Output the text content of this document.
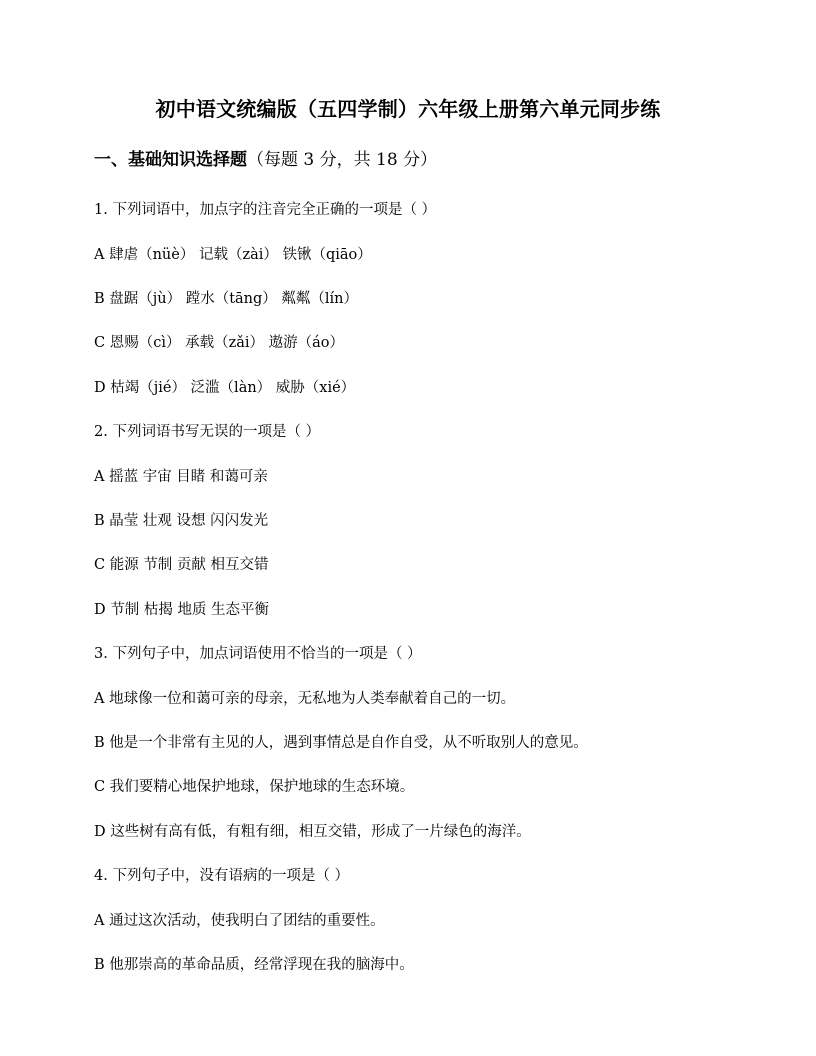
初中语文统编版（五四学制）六年级上册第六单元同步练
一、基础知识选择题（每题 3 分，共 18 分）
1. 下列词语中，加点字的注音完全正确的一项是（ ）
A 肆虐（nüè） 记载（zài） 铁锹（qiāo）
B 盘踞（jù） 蹚水（tāng） 粼粼（lín）
C 恩赐（cì） 承载（zǎi） 遨游（áo）
D 枯竭（jié） 泛滥（làn） 威胁（xié）
2. 下列词语书写无误的一项是（ ）
A 摇蓝 宇宙 目睹 和蔼可亲
B 晶莹 壮观 设想 闪闪发光
C 能源 节制 贡献 相互交错
D 节制 枯揭 地质 生态平衡
3. 下列句子中，加点词语使用不恰当的一项是（ ）
A 地球像一位和蔼可亲的母亲，无私地为人类奉献着自己的一切。
B 他是一个非常有主见的人，遇到事情总是自作自受，从不听取别人的意见。
C 我们要精心地保护地球，保护地球的生态环境。
D 这些树有高有低，有粗有细，相互交错，形成了一片绿色的海洋。
4. 下列句子中，没有语病的一项是（ ）
A 通过这次活动，使我明白了团结的重要性。
B 他那崇高的革命品质，经常浮现在我的脑海中。
